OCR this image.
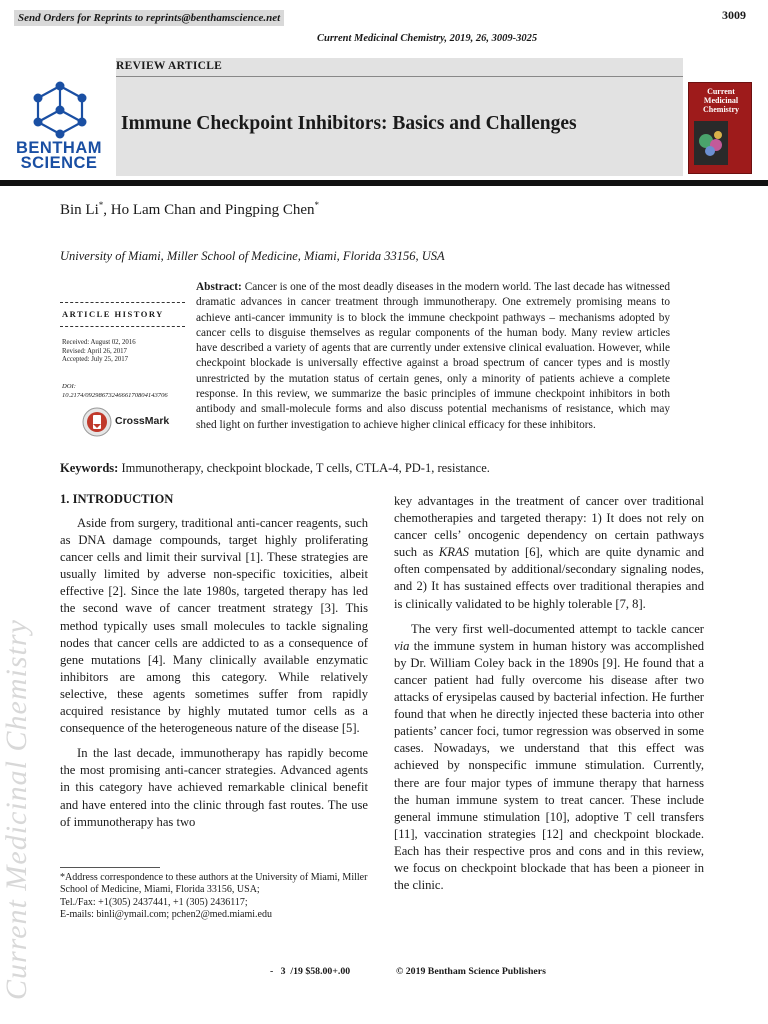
Current Medicinal Chemistry
Send Orders for Reprints to reprints@benthamscience.net	3009
Current Medicinal Chemistry, 2019, 26, 3009-3025
REVIEW ARTICLE
Immune Checkpoint Inhibitors: Basics and Challenges
BENTHAM
SCIENCE
Current
Medicinal
Chemistry
Bin Li*, Ho Lam Chan and Pingping Chen*
University of Miami, Miller School of Medicine, Miami, Florida 33156, USA
ARTICLE HISTORY
Received: August 02, 2016
Revised: April 26, 2017
Accepted: July 25, 2017
DOI:
10.2174/0929867324666170804143706
CrossMark
Abstract: Cancer is one of the most deadly diseases in the modern world. The last decade has witnessed dramatic advances in cancer treatment through immunotherapy. One extremely promising means to achieve anti-cancer immunity is to block the immune checkpoint pathways – mechanisms adopted by cancer cells to disguise themselves as regular components of the human body. Many review articles have described a variety of agents that are currently under extensive clinical evaluation. However, while checkpoint blockade is universally effective against a broad spectrum of cancer types and is mostly unrestricted by the mutation status of certain genes, only a minority of patients achieve a complete response. In this review, we summarize the basic principles of immune checkpoint inhibitors in both antibody and small-molecule forms and also discuss potential mechanisms of resistance, which may shed light on further investigation to achieve higher clinical efficacy for these inhibitors.
Keywords: Immunotherapy, checkpoint blockade, T cells, CTLA-4, PD-1, resistance.
1. INTRODUCTION

Aside from surgery, traditional anti-cancer reagents, such as DNA damage compounds, target highly proliferating cancer cells and limit their survival [1]. These strategies are usually limited by adverse non-specific toxicities, albeit effective [2]. Since the late 1980s, targeted therapy has led the second wave of cancer treatment strategy [3]. This method typically uses small molecules to tackle signaling nodes that cancer cells are addicted to as a consequence of gene mutations [4]. Many clinically available enzymatic inhibitors are among this category. While relatively selective, these agents sometimes suffer from rapidly acquired resistance by highly mutated tumor cells as a consequence of the heterogeneous nature of the disease [5].

In the last decade, immunotherapy has rapidly become the most promising anti-cancer strategies. Advanced agents in this category have achieved remarkable clinical benefit and have entered into the clinic through fast routes. The use of immunotherapy has two

key advantages in the treatment of cancer over traditional chemotherapies and targeted therapy: 1) It does not rely on cancer cells’ oncogenic dependency on certain pathways such as KRAS mutation [6], which are quite dynamic and often compensated by additional/secondary signaling nodes, and 2) It has sustained effects over traditional therapies and is clinically validated to be highly tolerable [7, 8].

The very first well-documented attempt to tackle cancer via the immune system in human history was accomplished by Dr. William Coley back in the 1890s [9]. He found that a cancer patient had fully overcome his disease after two attacks of erysipelas caused by bacterial infection. He further found that when he directly injected these bacteria into other patients’ cancer foci, tumor regression was observed in some cases. Nowadays, we understand that this effect was achieved by nonspecific immune stimulation. Currently, there are four major types of immune therapy that harness the human immune system to treat cancer. These include general immune stimulation [10], adoptive T cell transfers [11], vaccination strategies [12] and checkpoint blockade. Each has their respective pros and cons and in this review, we focus on checkpoint blockade that has been a pioneer in the clinic.

*Address correspondence to these authors at the University of Miami, Miller School of Medicine, Miami, Florida 33156, USA;
Tel./Fax: +1(305) 2437441, +1 (305) 2436117;
E-mails: binli@ymail.com; pchen2@med.miami.edu
-   3  /19 $58.00+.00	© 2019 Bentham Science Publishers
